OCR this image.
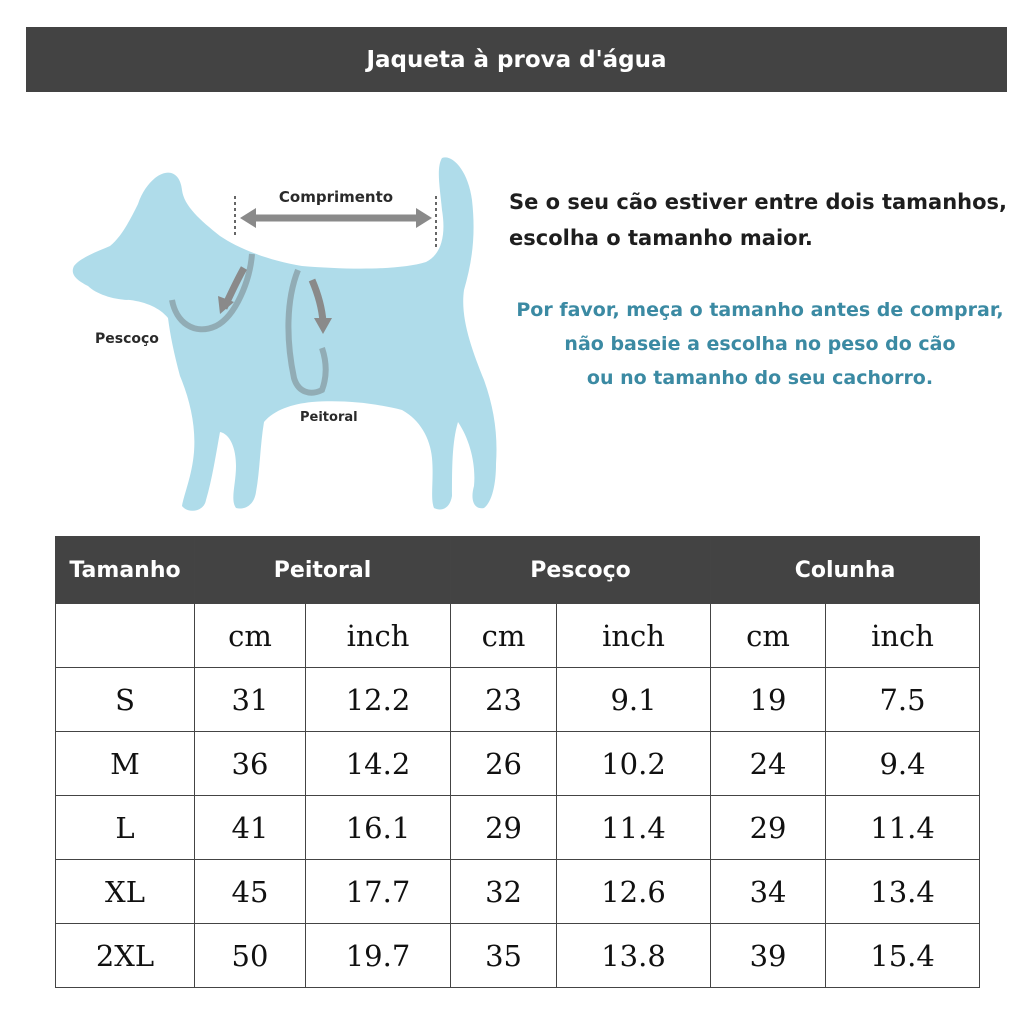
Jaqueta à prova d'água
Comprimento
Pescoço
Peitoral
Se o seu cão estiver entre dois tamanhos,
escolha o tamanho maior.
Por favor, meça o tamanho antes de comprar,
não baseie a escolha no peso do cão
ou no tamanho do seu cachorro.
Tamanho	Peitoral		Pescoço		Colunha	
	cm	inch	cm	inch	cm	inch
S	31	12.2	23	9.1	19	7.5
M	36	14.2	26	10.2	24	9.4
L	41	16.1	29	11.4	29	11.4
XL	45	17.7	32	12.6	34	13.4
2XL	50	19.7	35	13.8	39	15.4
